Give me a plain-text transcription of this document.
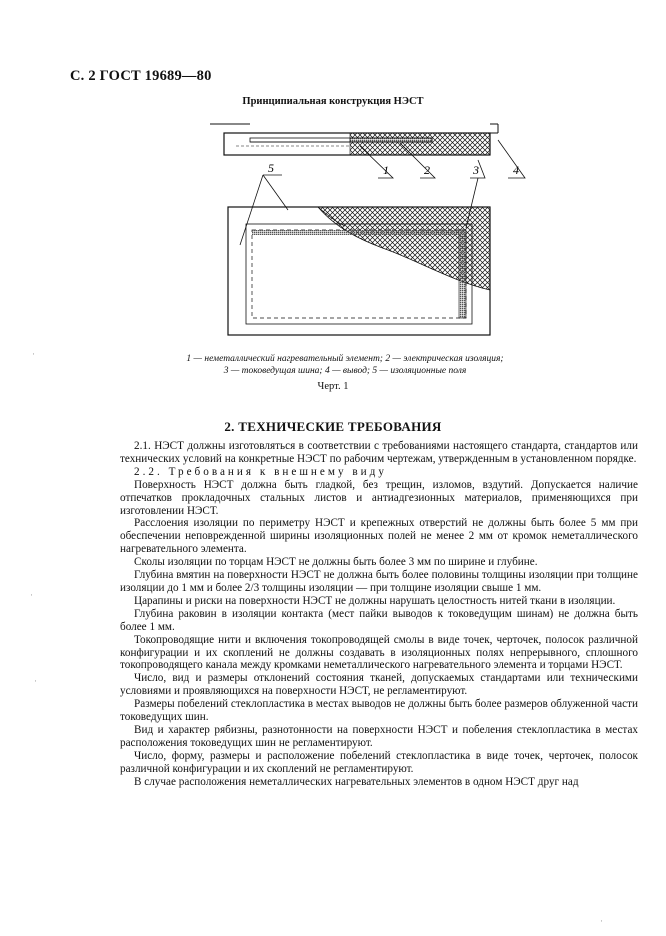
С. 2 ГОСТ 19689—80
Принципиальная конструкция НЭСТ
5	1	2	3	4
1 — неметаллический нагревательный элемент; 2 — электрическая изоляция;
3 — токоведущая шина; 4 — вывод; 5 — изоляционные поля
Черт. 1
2. ТЕХНИЧЕСКИЕ ТРЕБОВАНИЯ

2.1. НЭСТ должны изготовляться в соответствии с требованиями настоящего стандарта, стандартов или технических условий на конкретные НЭСТ по рабочим чертежам, утвержденным в установленном порядке.

2.2. Требования к внешнему виду

Поверхность НЭСТ должна быть гладкой, без трещин, изломов, вздутий. Допускается наличие отпечатков прокладочных стальных листов и антиадгезионных материалов, применяющихся при изготовлении НЭСТ.

Расслоения изоляции по периметру НЭСТ и крепежных отверстий не должны быть более 5 мм при обеспечении неповрежденной ширины изоляционных полей не менее 2 мм от кромок неметаллического нагревательного элемента.

Сколы изоляции по торцам НЭСТ не должны быть более 3 мм по ширине и глубине.

Глубина вмятин на поверхности НЭСТ не должна быть более половины толщины изоляции при толщине изоляции до 1 мм и более 2/3 толщины изоляции — при толщине изоляции свыше 1 мм.

Царапины и риски на поверхности НЭСТ не должны нарушать целостность нитей ткани в изоляции.

Глубина раковин в изоляции контакта (мест пайки выводов к токоведущим шинам) не должна быть более 1 мм.

Токопроводящие нити и включения токопроводящей смолы в виде точек, черточек, полосок различной конфигурации и их скоплений не должны создавать в изоляционных полях непрерывного, сплошного токопроводящего канала между кромками неметаллического нагревательного элемента и торцами НЭСТ.

Число, вид и размеры отклонений состояния тканей, допускаемых стандартами или техническими условиями и проявляющихся на поверхности НЭСТ, не регламентируют.

Размеры побелений стеклопластика в местах выводов не должны быть более размеров облуженной части токоведущих шин.

Вид и характер рябизны, разнотонности на поверхности НЭСТ и побеления стеклопластика в местах расположения токоведущих шин не регламентируют.

Число, форму, размеры и расположение побелений стеклопластика в виде точек, черточек, полосок различной конфигурации и их скоплений не регламентируют.

В случае расположения неметаллических нагревательных элементов в одном НЭСТ друг над

·
·
·
·
